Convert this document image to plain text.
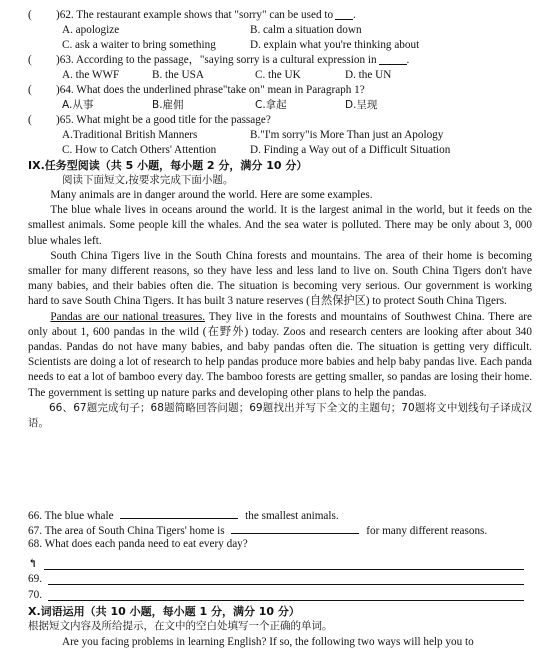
(	)62. The restaurant example shows that "sorry" can be used to .
A. apologize	B. calm a situation down
C. ask a waiter to bring something	D. explain what you're thinking about
(	)63. According to the passage，"saying sorry is a cultural expression in	.
A. the WWF	B. the USA	C. the UK	D. the UN
(	)64. What does the underlined phrase"take on" mean in Paragraph 1?
A.从事	B.雇佣	C.拿起	D.呈现
(	)65. What might be a good title for the passage?
A.Traditional British Manners	B."I'm sorry"is More Than just an Apology
C. How to Catch Others' Attention	D. Finding a Way out of a Difficult Situation
IX.任务型阅读（共 5 小题，每小题 2 分，满分 10 分）
阅读下面短文,按要求完成下面小题。

Many animals are in danger around the world. Here are some examples.

The blue whale lives in oceans around the world. It is the largest animal in the world, but it feeds on the smallest animals. Some people kill the whales. And the sea water is polluted. There may be only about 3, 000 blue whales left.

South China Tigers live in the South China forests and mountains. The area of their home is becoming smaller for many different reasons, so they have less and less land to live on. South China Tigers don't have many babies, and their babies often die. The situation is becoming very serious. Our government is working hard to save South China Tigers. It has built 3 nature reserves (自然保护区) to protect South China Tigers.

Pandas are our national treasures. They live in the forests and mountains of Southwest China. There are only about 1, 600 pandas in the wild (在野外) today. Zoos and research centers are looking after about 340 pandas. Pandas do not have many babies, and baby pandas often die. The situation is getting very difficult. Scientists are doing a lot of research to help pandas produce more babies and help baby pandas live. Each panda needs to eat a lot of bamboo every day. The bamboo forests are getting smaller, so pandas are losing their home. The government is setting up nature parks and developing other plans to help the pandas.

66、67题完成句子；68题简略回答问题；69题找出并写下全文的主题句；70题将文中划线句子译成汉语。

66. The blue whale	the smallest animals.
67. The area of South China Tigers' home is	for many different reasons.
68. What does each panda need to eat every day?
↰
69.
70.
X.词语运用（共 10 小题，每小题 1 分，满分 10 分）
根据短文内容及所给提示，在文中的空白处填写一个正确的单词。
Are you facing problems in learning English? If so, the following two ways will help you to
